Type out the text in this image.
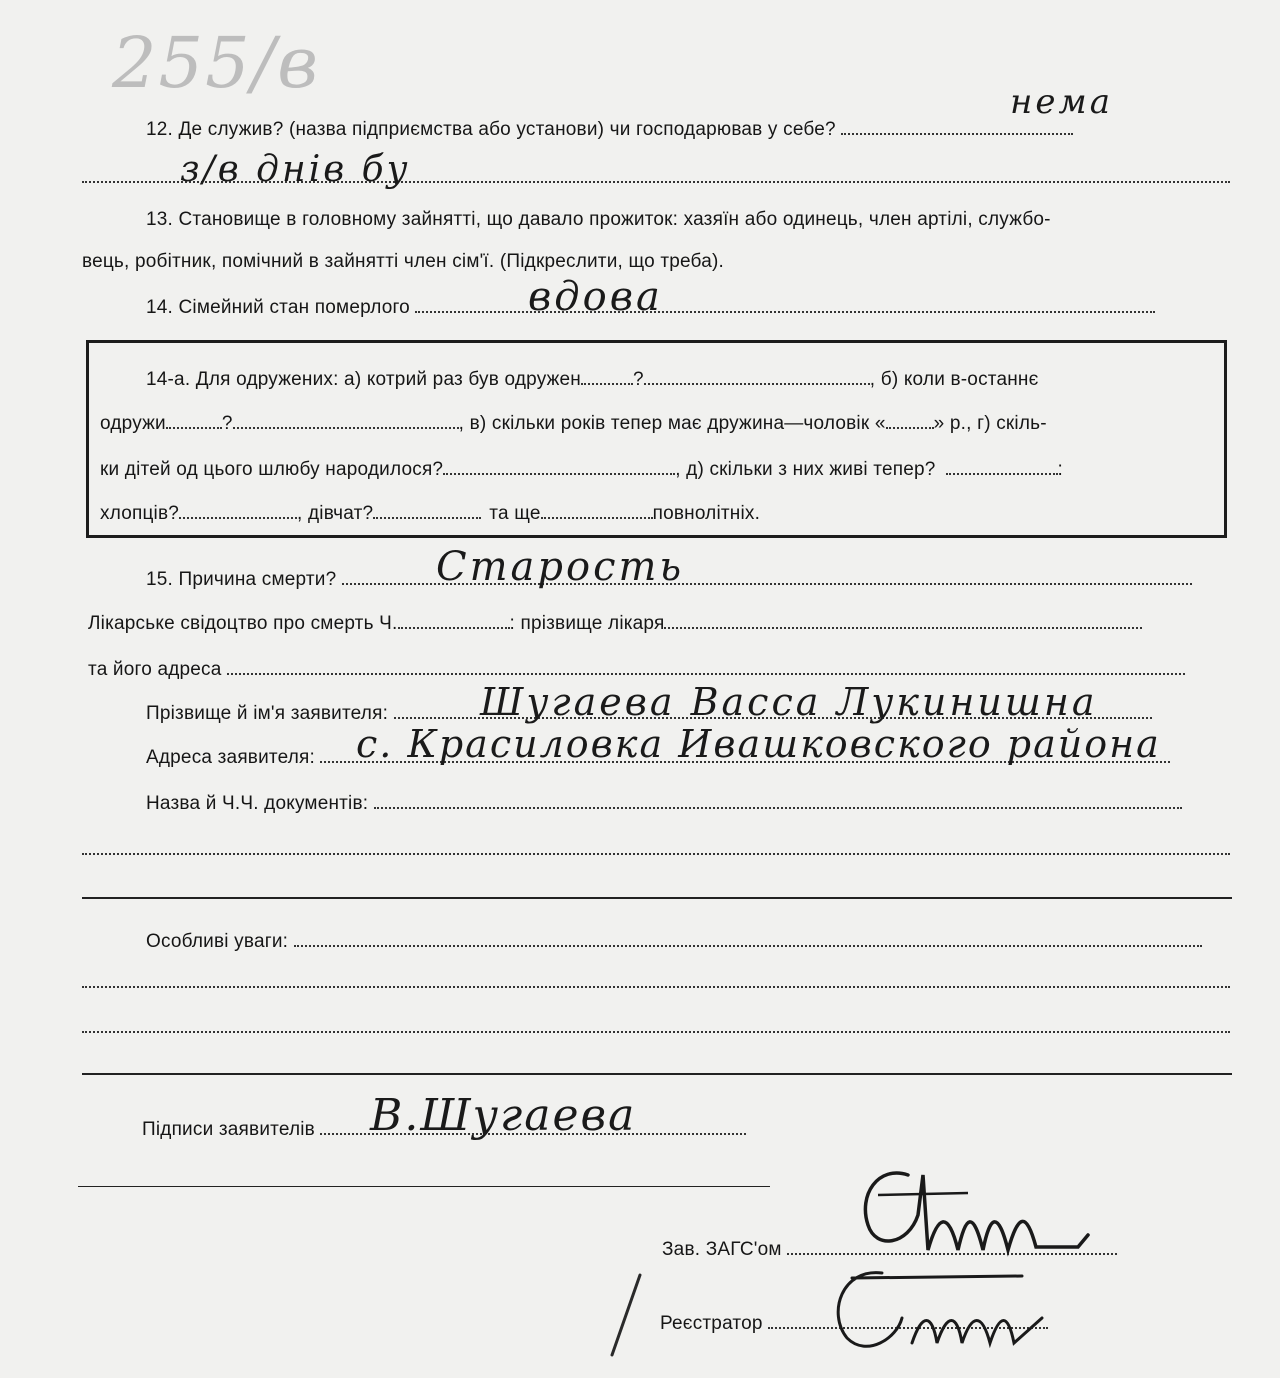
255/в
12. Де служив? (назва підприємства або установи) чи господарював у себе?
нема
з/в днів бу
13. Становище в головному зайнятті, що давало прожиток: хазяїн або одинець, член артілі, службо-
вець, робітник, помічний в зайнятті член сім'ї. (Підкреслити, що треба).
14. Сімейний стан померлого	вдова
14-а. Для одружених: а) котрий раз був одружен	?	, б) коли в-останнє
одружи	?	, в) скільки років тепер має дружина—чоловік «	» р., г) скіль-
ки дітей од цього шлюбу народилося?	, д) скільки з них живі тепер?	:
хлопців?	, дівчат?	та ще	повнолітніх.
15. Причина смерти?	Старость
Лікарське свідоцтво про смерть Ч.	: прізвище лікаря
та його адреса
Прізвище й ім'я заявителя:	Шугаева Васса Лукинишна
Адреса заявителя:	с. Красиловка Ивашковского района
Назва й Ч.Ч. документів:
Особливі уваги:
Підписи заявителів	В.Шугаева
Зав. ЗАГС'ом
Реєстратор
